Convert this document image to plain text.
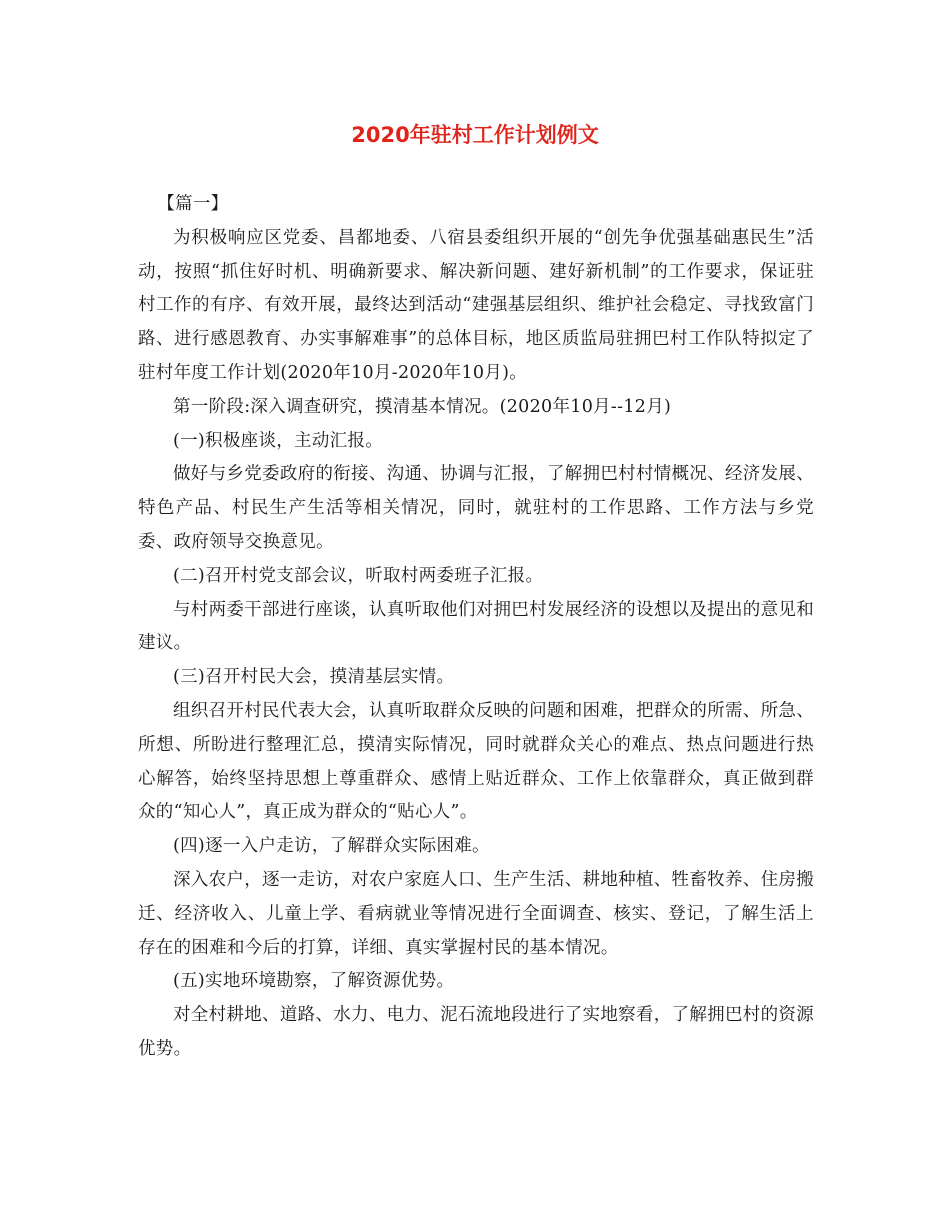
2020年驻村工作计划例文

【篇一】

为积极响应区党委、昌都地委、八宿县委组织开展的“创先争优强基础惠民生”活动，按照“抓住好时机、明确新要求、解决新问题、建好新机制”的工作要求，保证驻村工作的有序、有效开展，最终达到活动“建强基层组织、维护社会稳定、寻找致富门路、进行感恩教育、办实事解难事”的总体目标，地区质监局驻拥巴村工作队特拟定了驻村年度工作计划(2020年10月-2020年10月)。

第一阶段:深入调查研究，摸清基本情况。(2020年10月--12月)

(一)积极座谈，主动汇报。

做好与乡党委政府的衔接、沟通、协调与汇报，了解拥巴村村情概况、经济发展、特色产品、村民生产生活等相关情况，同时，就驻村的工作思路、工作方法与乡党委、政府领导交换意见。

(二)召开村党支部会议，听取村两委班子汇报。

与村两委干部进行座谈，认真听取他们对拥巴村发展经济的设想以及提出的意见和建议。

(三)召开村民大会，摸清基层实情。

组织召开村民代表大会，认真听取群众反映的问题和困难，把群众的所需、所急、所想、所盼进行整理汇总，摸清实际情况，同时就群众关心的难点、热点问题进行热心解答，始终坚持思想上尊重群众、感情上贴近群众、工作上依靠群众，真正做到群众的“知心人”，真正成为群众的“贴心人”。

(四)逐一入户走访，了解群众实际困难。

深入农户，逐一走访，对农户家庭人口、生产生活、耕地种植、牲畜牧养、住房搬迁、经济收入、儿童上学、看病就业等情况进行全面调查、核实、登记，了解生活上存在的困难和今后的打算，详细、真实掌握村民的基本情况。

(五)实地环境勘察，了解资源优势。

对全村耕地、道路、水力、电力、泥石流地段进行了实地察看，了解拥巴村的资源优势。
